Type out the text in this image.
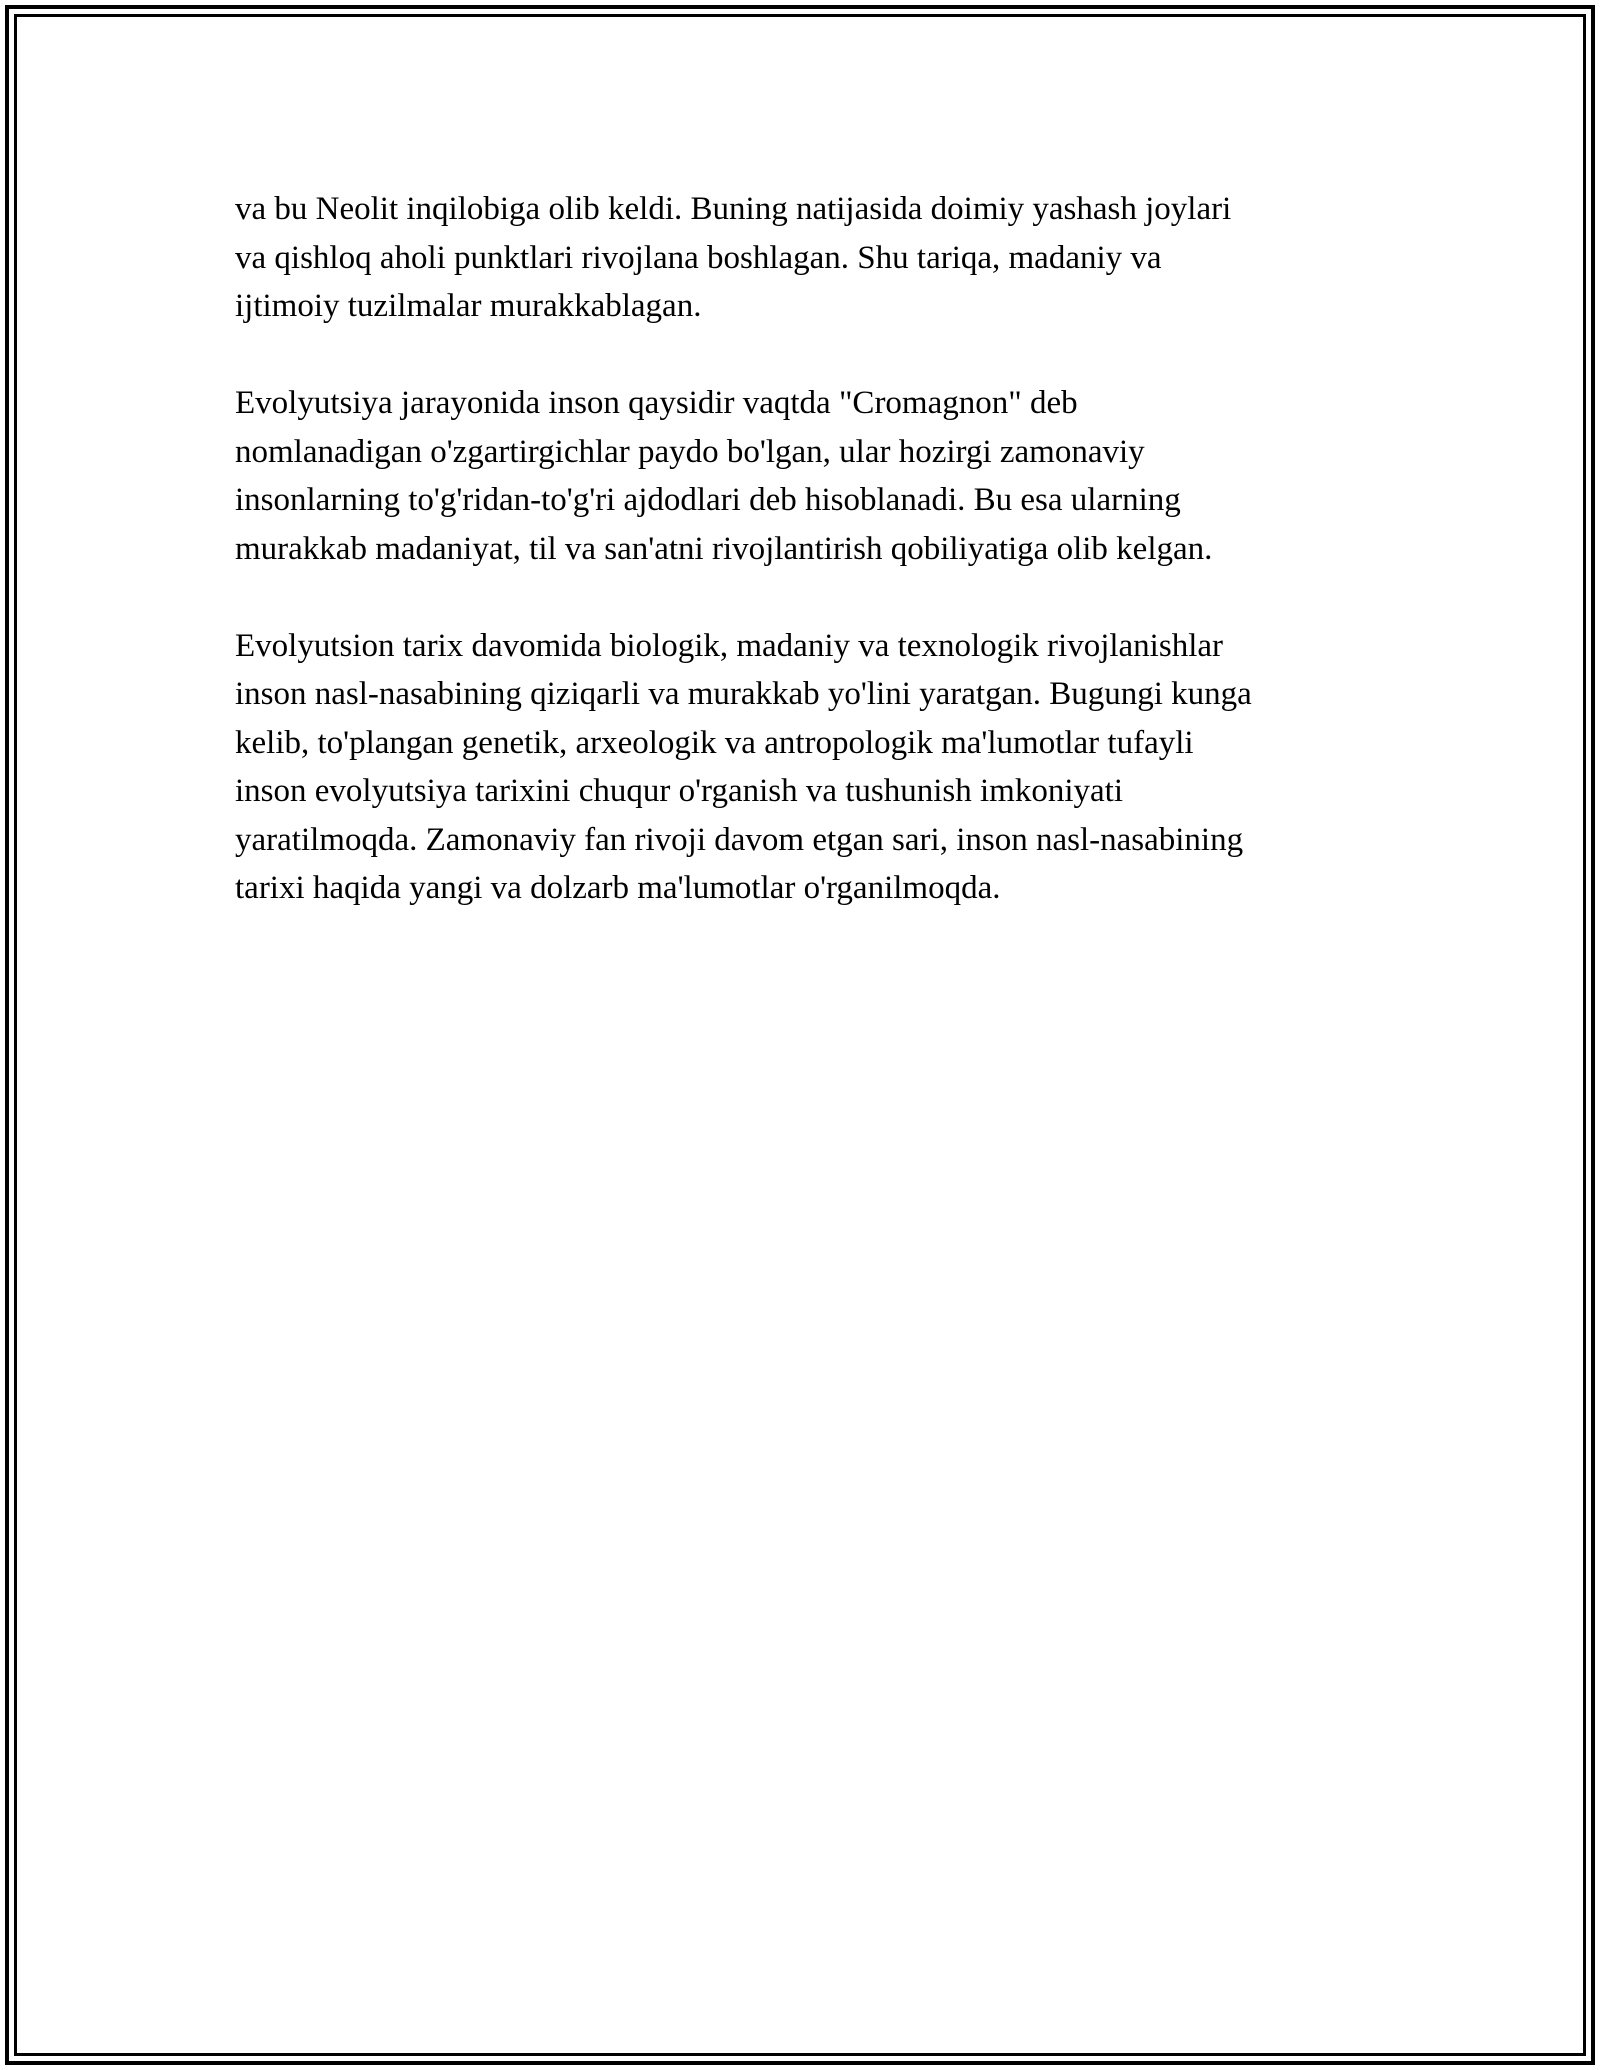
va bu Neolit inqilobiga olib keldi. Buning natijasida doimiy yashash joylari
va qishloq aholi punktlari rivojlana boshlagan. Shu tariqa, madaniy va
ijtimoiy tuzilmalar murakkablagan.

Evolyutsiya jarayonida inson qaysidir vaqtda "Cromagnon" deb
nomlanadigan o'zgartirgichlar paydo bo'lgan, ular hozirgi zamonaviy
insonlarning to'g'ridan-to'g'ri ajdodlari deb hisoblanadi. Bu esa ularning
murakkab madaniyat, til va san'atni rivojlantirish qobiliyatiga olib kelgan.

Evolyutsion tarix davomida biologik, madaniy va texnologik rivojlanishlar
inson nasl-nasabining qiziqarli va murakkab yo'lini yaratgan. Bugungi kunga
kelib, to'plangan genetik, arxeologik va antropologik ma'lumotlar tufayli
inson evolyutsiya tarixini chuqur o'rganish va tushunish imkoniyati
yaratilmoqda. Zamonaviy fan rivoji davom etgan sari, inson nasl-nasabining
tarixi haqida yangi va dolzarb ma'lumotlar o'rganilmoqda.
